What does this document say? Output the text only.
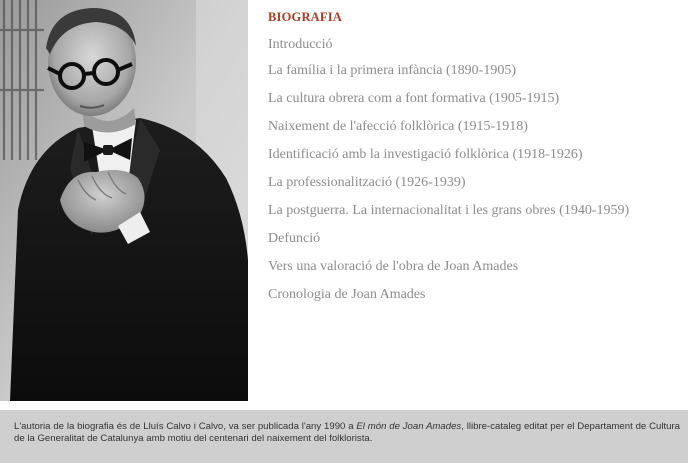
BIOGRAFIA
Introducció
La família i la primera infància (1890-1905)
La cultura obrera com a font formativa (1905-1915)
Naixement de l'afecció folklòrica (1915-1918)
Identificació amb la investigació folklòrica (1918-1926)
La professionalització (1926-1939)
La postguerra. La internacionalitat i les grans obres (1940-1959)
Defunció
Vers una valoració de l'obra de Joan Amades
Cronologia de Joan Amades

L'autoria de la biografia és de Lluís Calvo i Calvo, va ser publicada l'any 1990 a El món de Joan Amades, llibre-cataleg editat per el Departament de Cultura de la Generalitat de Catalunya amb motiu del centenari del naixement del folklorista.
